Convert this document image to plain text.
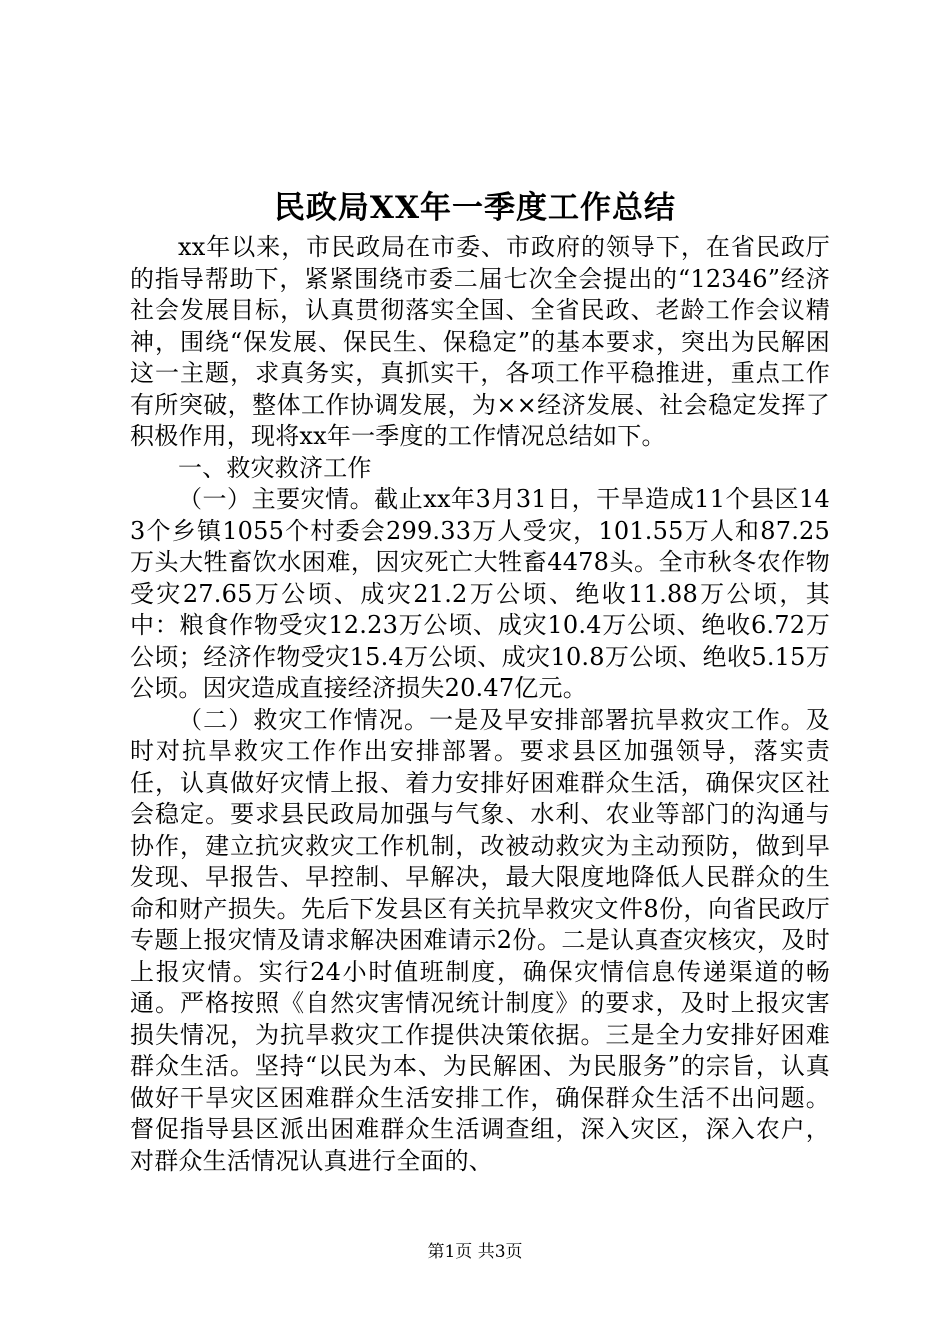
民政局XX年一季度工作总结

xx年以来，市民政局在市委、市政府的领导下，在省民政厅的指导帮助下，紧紧围绕市委二届七次全会提出的“12346”经济社会发展目标，认真贯彻落实全国、全省民政、老龄工作会议精神，围绕“保发展、保民生、保稳定”的基本要求，突出为民解困这一主题，求真务实，真抓实干，各项工作平稳推进，重点工作有所突破，整体工作协调发展，为××经济发展、社会稳定发挥了积极作用，现将xx年一季度的工作情况总结如下。

一、救灾救济工作

（一）主要灾情。截止xx年3月31日，干旱造成11个县区143个乡镇1055个村委会299.33万人受灾，101.55万人和87.25万头大牲畜饮水困难，因灾死亡大牲畜4478头。全市秋冬农作物受灾27.65万公顷、成灾21.2万公顷、绝收11.88万公顷，其中：粮食作物受灾12.23万公顷、成灾10.4万公顷、绝收6.72万公顷；经济作物受灾15.4万公顷、成灾10.8万公顷、绝收5.15万公顷。因灾造成直接经济损失20.47亿元。

（二）救灾工作情况。一是及早安排部署抗旱救灾工作。及时对抗旱救灾工作作出安排部署。要求县区加强领导，落实责任，认真做好灾情上报、着力安排好困难群众生活，确保灾区社会稳定。要求县民政局加强与气象、水利、农业等部门的沟通与协作，建立抗灾救灾工作机制，改被动救灾为主动预防，做到早发现、早报告、早控制、早解决，最大限度地降低人民群众的生命和财产损失。先后下发县区有关抗旱救灾文件8份，向省民政厅专题上报灾情及请求解决困难请示2份。二是认真查灾核灾，及时上报灾情。实行24小时值班制度，确保灾情信息传递渠道的畅通。严格按照《自然灾害情况统计制度》的要求，及时上报灾害损失情况，为抗旱救灾工作提供决策依据。三是全力安排好困难群众生活。坚持“以民为本、为民解困、为民服务”的宗旨，认真做好干旱灾区困难群众生活安排工作，确保群众生活不出问题。督促指导县区派出困难群众生活调查组，深入灾区，深入农户，对群众生活情况认真进行全面的、

第1页 共3页
